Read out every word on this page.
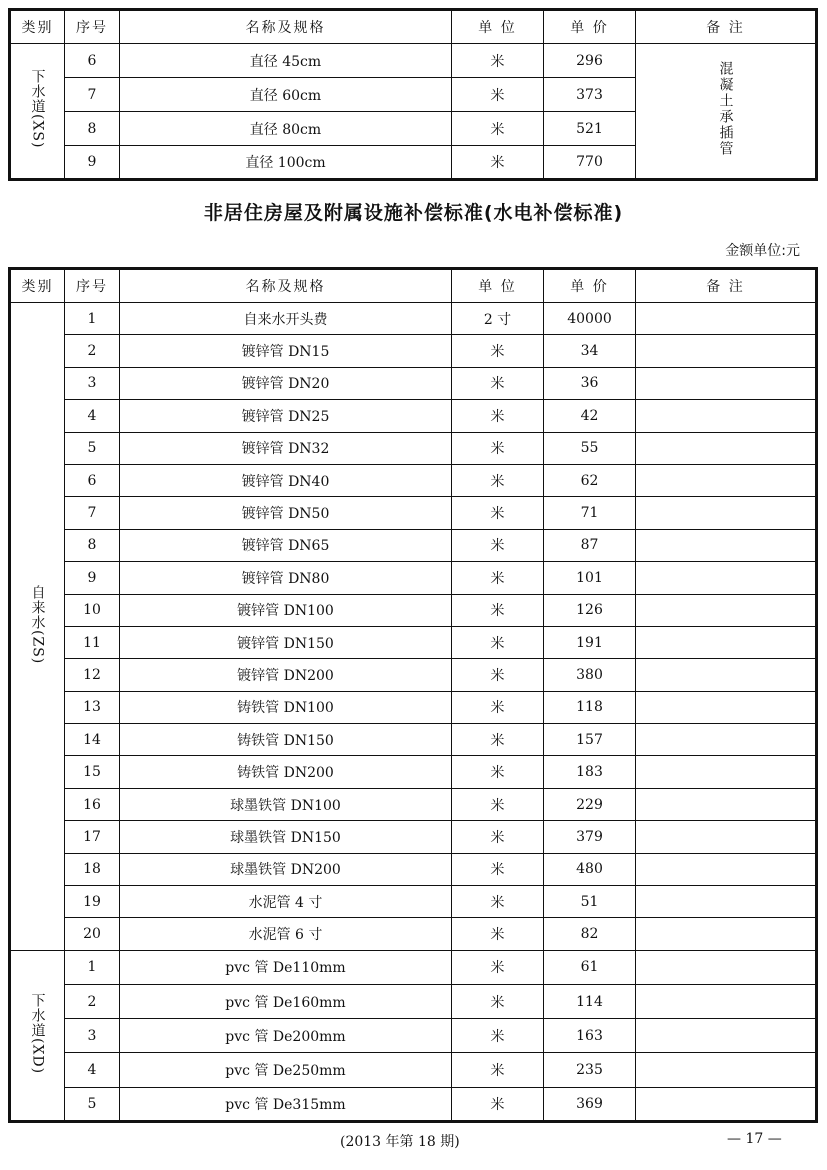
类别	序号	名称及规格	单 位	单 价	备 注
下水道(XS)	6	直径 45cm	米	296	混凝土承插管
	7	直径 60cm	米	373	
	8	直径 80cm	米	521	
	9	直径 100cm	米	770	
非居住房屋及附属设施补偿标准(水电补偿标准)
金额单位:元
类别	序号	名称及规格	单 位	单 价	备 注
自来水(ZS)	1	自来水开头费	2 寸	40000	
	2	镀锌管 DN15	米	34	
	3	镀锌管 DN20	米	36	
	4	镀锌管 DN25	米	42	
	5	镀锌管 DN32	米	55	
	6	镀锌管 DN40	米	62	
	7	镀锌管 DN50	米	71	
	8	镀锌管 DN65	米	87	
	9	镀锌管 DN80	米	101	
	10	镀锌管 DN100	米	126	
	11	镀锌管 DN150	米	191	
	12	镀锌管 DN200	米	380	
	13	铸铁管 DN100	米	118	
	14	铸铁管 DN150	米	157	
	15	铸铁管 DN200	米	183	
	16	球墨铁管 DN100	米	229	
	17	球墨铁管 DN150	米	379	
	18	球墨铁管 DN200	米	480	
	19	水泥管 4 寸	米	51	
	20	水泥管 6 寸	米	82	
下水道(XD)	1	pvc 管 De110mm	米	61	
	2	pvc 管 De160mm	米	114	
	3	pvc 管 De200mm	米	163	
	4	pvc 管 De250mm	米	235	
	5	pvc 管 De315mm	米	369	
(2013 年第 18 期)	— 17 —
